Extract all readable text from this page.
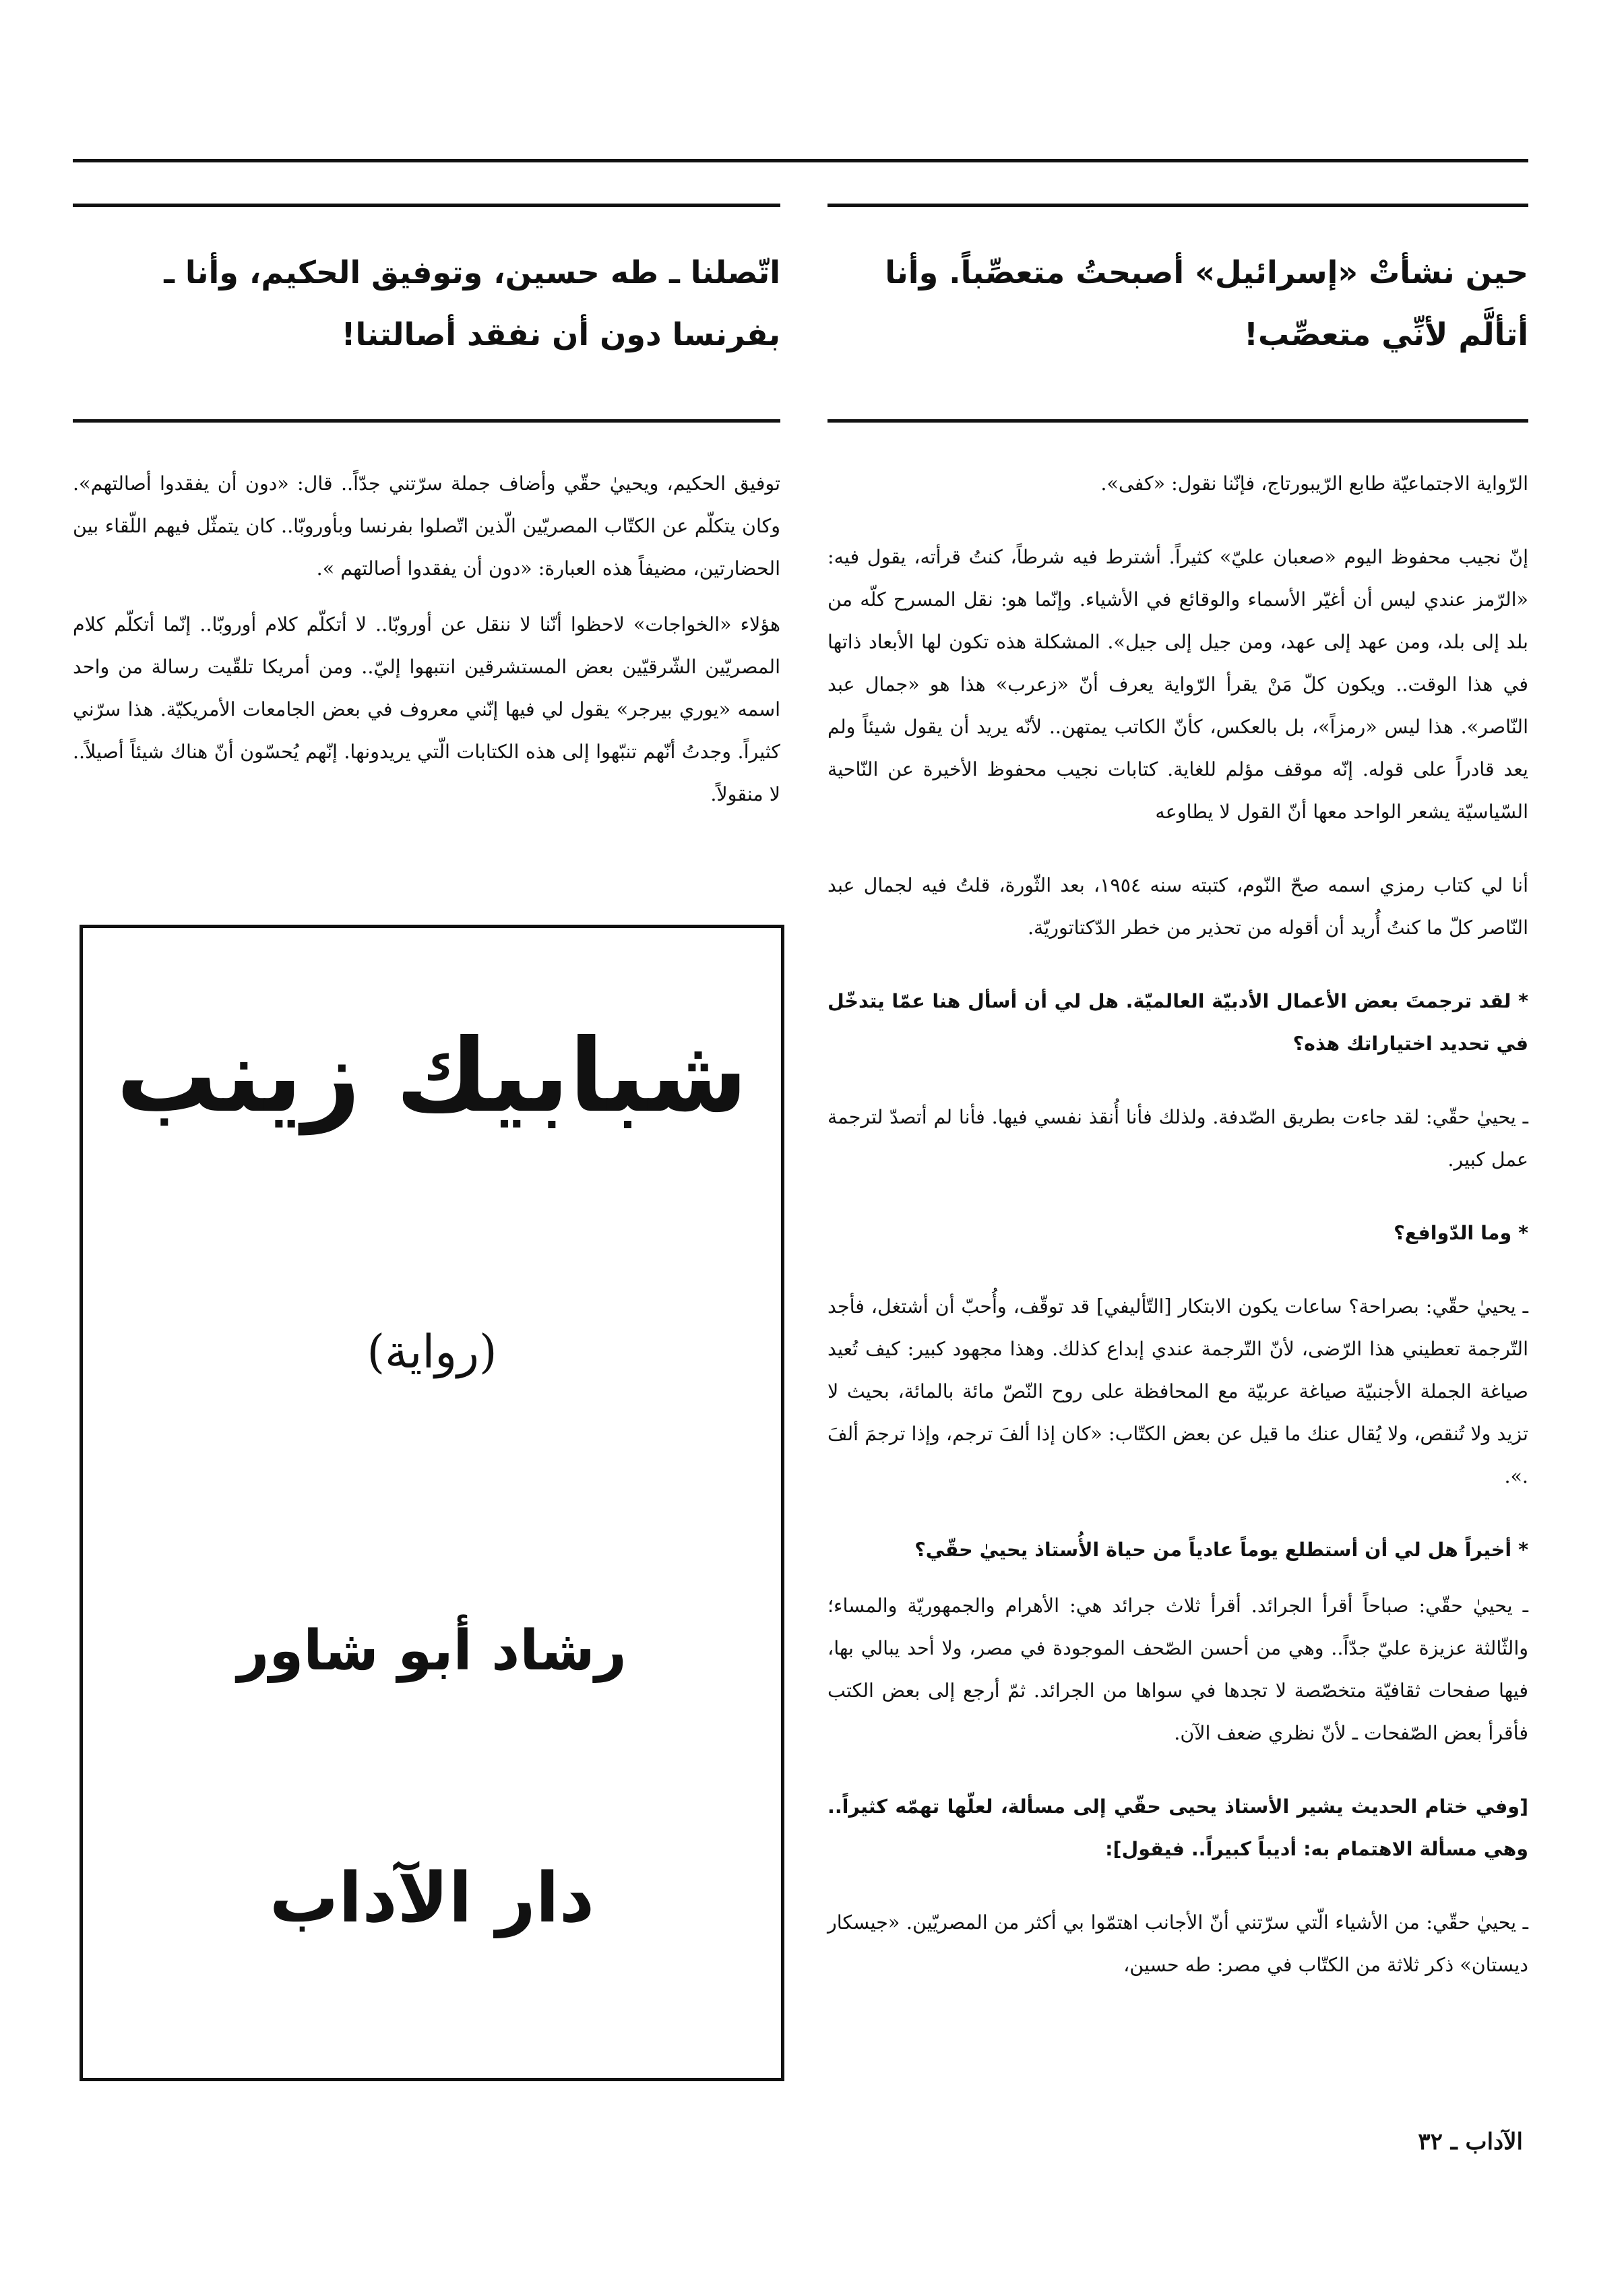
حين نشأتْ «إسرائيل» أصبحتُ متعصِّباً. وأنا أتألَّم لأنِّي متعصِّب!
اتّصلنا ـ طه حسين، وتوفيق الحكيم، وأنا ـ بفرنسا دون أن نفقد أصالتنا!

الرّواية الاجتماعيّة طابع الرّيبورتاج، فإنّنا نقول: «كفى».

إنّ نجيب محفوظ اليوم «صعبان عليّ» كثيراً. أشترط فيه شرطاً، كنتُ قرأته، يقول فيه: «الرّمز عندي ليس أن أغيّر الأسماء والوقائع في الأشياء. وإنّما هو: نقل المسرح كلّه من بلد إلى بلد، ومن عهد إلى عهد، ومن جيل إلى جيل». المشكلة هذه تكون لها الأبعاد ذاتها في هذا الوقت.. ويكون كلّ مَنْ يقرأ الرّواية يعرف أنّ «زعرب» هذا هو «جمال عبد النّاصر». هذا ليس «رمزاً»، بل بالعكس، كأنّ الكاتب يمتهن.. لأنّه يريد أن يقول شيئاً ولم يعد قادراً على قوله. إنّه موقف مؤلم للغاية. كتابات نجيب محفوظ الأخيرة عن النّاحية السّياسيّة يشعر الواحد معها أنّ القول لا يطاوعه

أنا لي كتاب رمزي اسمه صحّ النّوم، كتبته سنه ١٩٥٤، بعد الثّورة، قلتُ فيه لجمال عبد النّاصر كلّ ما كنتُ أُريد أن أقوله من تحذير من خطر الدّكتاتوريّة.

* لقد ترجمتَ بعض الأعمال الأدبيّة العالميّة. هل لي أن أسأل هنا عمّا يتدخّل في تحديد اختياراتك هذه؟

ـ يحييٰ حقّي: لقد جاءت بطريق الصّدفة. ولذلك فأنا أُنقذ نفسي فيها. فأنا لم أتصدّ لترجمة عمل كبير.

* وما الدّوافع؟

ـ يحييٰ حقّي: بصراحة؟ ساعات يكون الابتكار [التّأليفي] قد توقّف، وأُحبّ أن أشتغل، فأجد التّرجمة تعطيني هذا الرّضى، لأنّ التّرجمة عندي إبداع كذلك. وهذا مجهود كبير: كيف تُعيد صياغة الجملة الأجنبيّة صياغة عربيّة مع المحافظة على روح النّصّ مائة بالمائة، بحيث لا تزيد ولا تُنقص، ولا يُقال عنك ما قيل عن بعض الكتّاب: «كان إذا ألفَ ترجم، وإذا ترجمَ ألفَ .».

* أخيراً هل لي أن أستطلع يوماً عادياً من حياة الأُستاذ يحييٰ حقّي؟

ـ يحييٰ حقّي: صباحاً أقرأ الجرائد. أقرأ ثلاث جرائد هي: الأهرام والجمهوريّة والمساء؛ والثّالثة عزيزة عليّ جدّاً.. وهي من أحسن الصّحف الموجودة في مصر، ولا أحد يبالي بها، فيها صفحات ثقافيّة متخصّصة لا تجدها في سواها من الجرائد. ثمّ أرجع إلى بعض الكتب فأقرأ بعض الصّفحات ـ لأنّ نظري ضعف الآن.

[وفي ختام الحديث يشير الأستاذ يحيى حقّي إلى مسألة، لعلّها تهمّه كثيراً.. وهي مسألة الاهتمام به: أديباً كبيراً.. فيقول]:

ـ يحييٰ حقّي: من الأشياء الّتي سرّتني أنّ الأجانب اهتمّوا بي أكثر من المصريّين. «جيسكار ديستان» ذكر ثلاثة من الكتّاب في مصر: طه حسين،

توفيق الحكيم، ويحييٰ حقّي وأضاف جملة سرّتني جدّاً.. قال: «دون أن يفقدوا أصالتهم». وكان يتكلّم عن الكتّاب المصريّين الّذين اتّصلوا بفرنسا وبأوروبّا.. كان يتمثّل فيهم اللّقاء بين الحضارتين، مضيفاً هذه العبارة: «دون أن يفقدوا أصالتهم ».

هؤلاء «الخواجات» لاحظوا أنّنا لا ننقل عن أوروبّا.. لا أتكلّم كلام أوروبّا.. إنّما أتكلّم كلام المصريّين الشّرقيّين بعض المستشرقين انتبهوا إليّ.. ومن أمريكا تلقّيت رسالة من واحد اسمه «يوري بيرجر» يقول لي فيها إنّني معروف في بعض الجامعات الأمريكيّة. هذا سرّني كثيراً. وجدتُ أنّهم تنبّهوا إلى هذه الكتابات الّتي يريدونها. إنّهم يُحسّون أنّ هناك شيئاً أصيلاً.. لا منقولاً.

شبابيك زينب
(رواية)
رشاد أبو شاور
دار الآداب
الآداب ـ ٣٢
